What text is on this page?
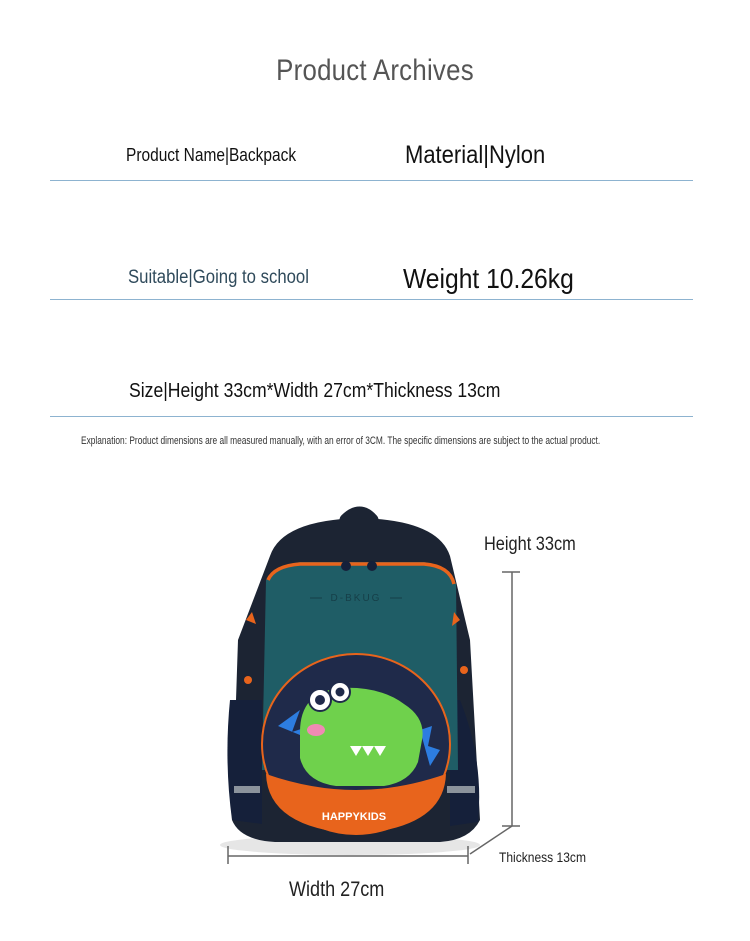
Product Archives
Product Name|Backpack	Material|Nylon
Suitable|Going to school	Weight 10.26kg
Size|Height 33cm*Width 27cm*Thickness 13cm
Explanation: Product dimensions are all measured manually, with an error of 3CM. The specific dimensions are subject to the actual product.
D-BKUG
HAPPYKIDS
Height 33cm
Width 27cm
Thickness 13cm
